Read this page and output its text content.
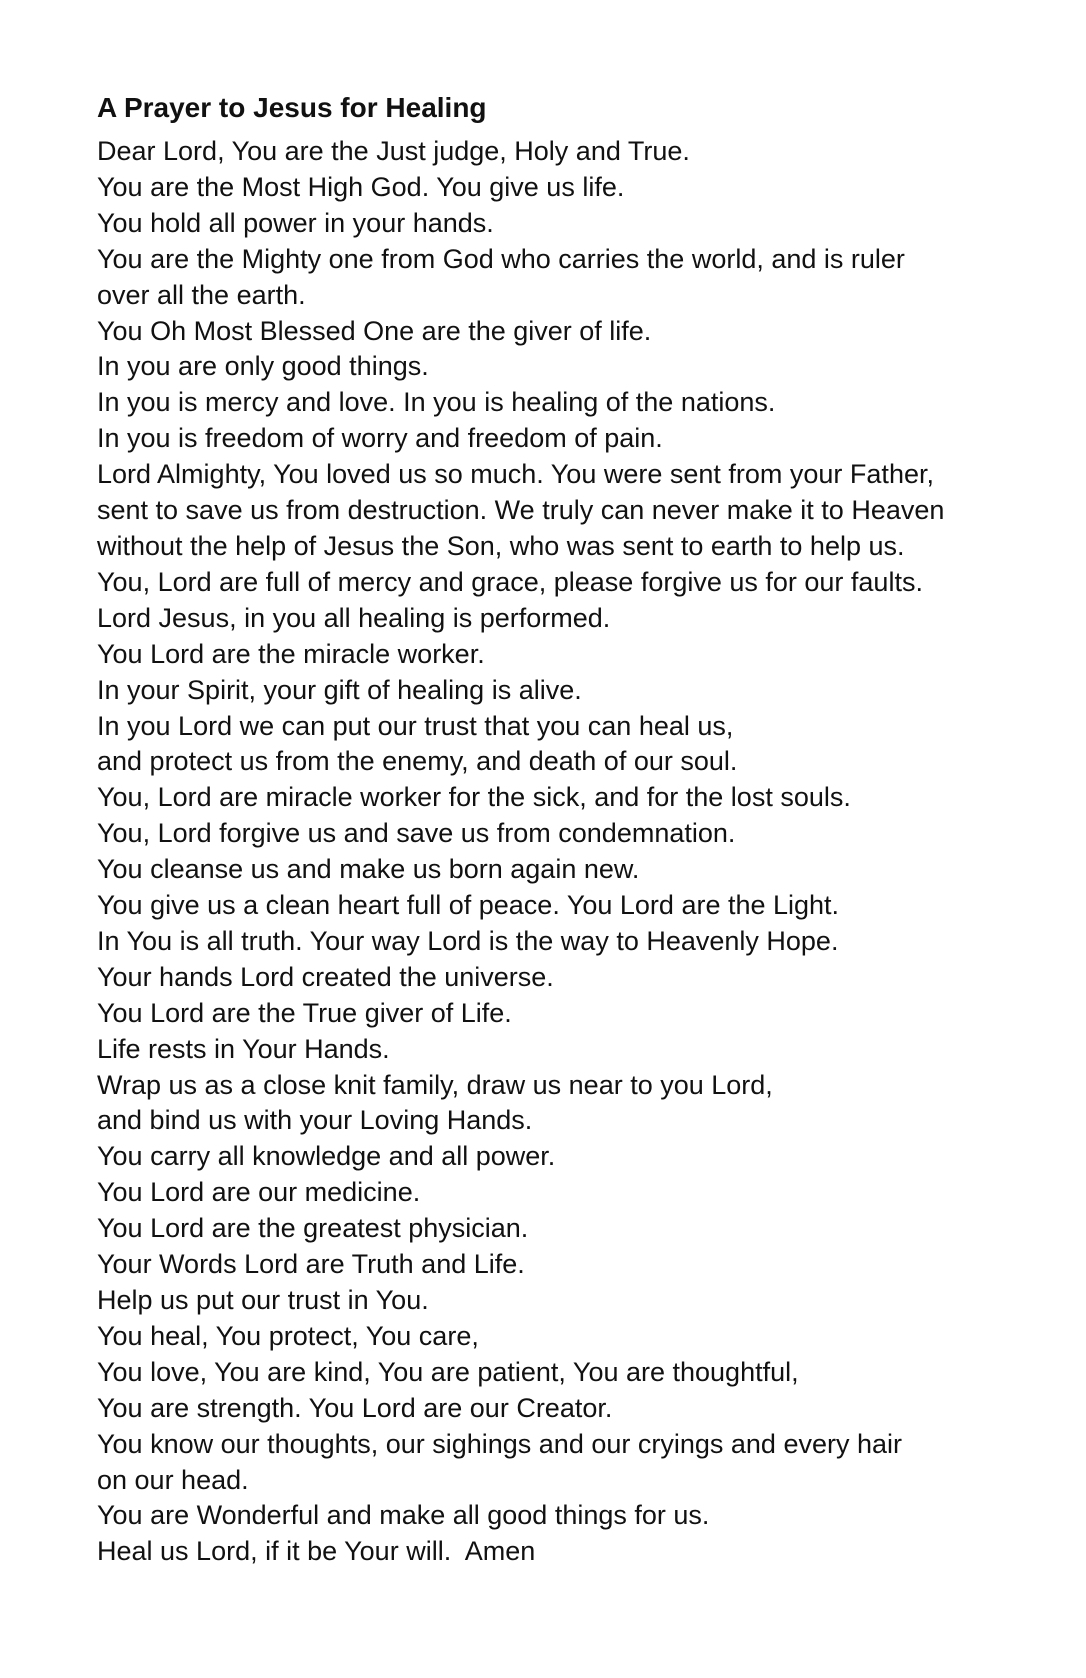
A Prayer to Jesus for Healing
Dear Lord, You are the Just judge, Holy and True.
You are the Most High God. You give us life.
You hold all power in your hands.
You are the Mighty one from God who carries the world, and is ruler
over all the earth.
You Oh Most Blessed One are the giver of life.
In you are only good things.
In you is mercy and love. In you is healing of the nations.
In you is freedom of worry and freedom of pain.
Lord Almighty, You loved us so much. You were sent from your Father,
sent to save us from destruction. We truly can never make it to Heaven
without the help of Jesus the Son, who was sent to earth to help us.
You, Lord are full of mercy and grace, please forgive us for our faults.
Lord Jesus, in you all healing is performed.
You Lord are the miracle worker.
In your Spirit, your gift of healing is alive.
In you Lord we can put our trust that you can heal us,
and protect us from the enemy, and death of our soul.
You, Lord are miracle worker for the sick, and for the lost souls.
You, Lord forgive us and save us from condemnation.
You cleanse us and make us born again new.
You give us a clean heart full of peace. You Lord are the Light.
In You is all truth. Your way Lord is the way to Heavenly Hope.
Your hands Lord created the universe.
You Lord are the True giver of Life.
Life rests in Your Hands.
Wrap us as a close knit family, draw us near to you Lord,
and bind us with your Loving Hands.
You carry all knowledge and all power.
You Lord are our medicine.
You Lord are the greatest physician.
Your Words Lord are Truth and Life.
Help us put our trust in You.
You heal, You protect, You care,
You love, You are kind, You are patient, You are thoughtful,
You are strength. You Lord are our Creator.
You know our thoughts, our sighings and our cryings and every hair
on our head.
You are Wonderful and make all good things for us.
Heal us Lord, if it be Your will.  Amen
